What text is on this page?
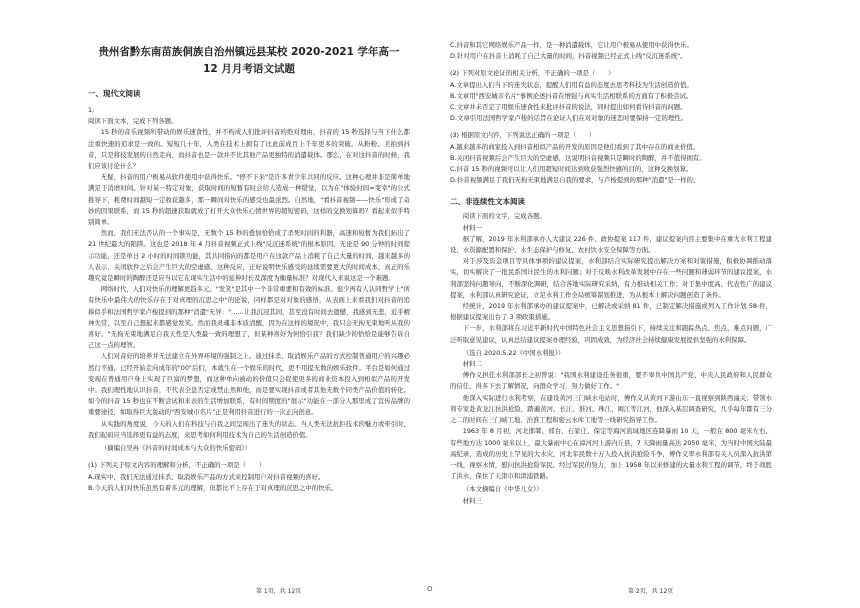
贵州省黔东南苗族侗族自治州镇远县某校 2020-2021 学年高一 12 月月考语文试题
一、现代文阅读

1.

阅读下面文本，完成下列各题。

15 秒的音乐视频所带动的娱乐速食性，并不构成人们批评抖音的绝对理由，抖音的 15 秒选择与当下什么都注重快速的追求是一致的。短短几十年，人类在技术上拥有了比此前成百上千年更多的突破。从粉粉、美拍到抖音，只是将技发展的自然走向，而抖音也是一款并不比其他产品更独特的消遣载体。那么，在对这抖音的时候，我们应该讨论什么？

无疑，抖音的用户极易从软件使用中获得快乐。"停不下来"是许多青少年共同的反应。这种心理并非是简单地满足于消磨时间。针对某一特定对象，获取时间的短暂有时会给人造成一种错觉，以为在"体验时间=变幸"的公式推导下，耗费时间越短一定收获越多，那一瞬间对快乐的感受也最浓烈。自然地，"看抖音视频——快乐"形成了奇妙的因果联系，而 15 秒的超速获取就成了打开大众快乐心情世界的超短密码，这样的交换划算吗？看起来似乎特别简单。

然而，我们无法否认的一个事实是，无数个 15 秒的叠加恰恰成了杀死时间的利器，高速和短暂为我们拓出了 21 世纪最大的陷阱。这也是 2018 年 4 月抖音视频正式上线"反沉迷系统"的根本原因。无论是 90 分钟的时间提示功能，还是单日 2 小时的时间锁功能，其共同指向的都是用户在这款产品上消耗了自己大量的时间，越来越多的人表示，关闭软件之后会产生巨大的空虚感。这种反应，正好说明快乐感受的延续需要更大的时间成本，真正的乐趣究竟是瞬时的陶醉还是应当以它在现实生活中的延伸时长及深度为衡量标准？对现代人来说这是一个难题。

网络时代，人们对快乐的理解更趋多元。"发笑"是其中一个非常重要和有效的标准。很少再有人认同哲学上"所有快乐中最伟大的快乐存在于对真理的沉思之中"的论说，同样都是对对象的感悟，从表面上来看我们对抖音的追捧似乎和法国哲学家卢梭提到的那种"消遣"无异："……让我沉浸其间，甚至没有时间去遗憾，我感到无悲，近乎精神失常，以至自己想起来都感觉发笑。然而我灵魂非本质清醒，因为在这样的境况中，我只会无拘无束地听从我的喜好。"无拘无束地满足自我天性是人类最一致的理想了，但某种喜好为何恰引我？我们缺少的恰恰是能够告诉自己这一点的理智。

人们对音好的培养并无法建立在外界环境的强制之上。通过抹杀、取消娱乐产品的方式控制普通用户的兴趣必然行不通，已经开始走向成年的"00"后们，本就生在一个娱乐的时代，更不用提无数的娱乐软件。平台是如何通过变现在普通用户身上实现了巨富的梦想，而这种单向被动的价值只会促使更多的商业资本投入到相似产品的开发中。我们理性地认识抖音，不代表全盘否定或禁止然和他，而是要实现抖音或者其他无数个同类产品价值的转化。如今的抖音 15 秒也在不断尝试和来表的生活增加联系，有时间期度的"展示"功能在一部分人那里成了宣传品牌的重要途径，如取得巨大轰动的"西安城市名片"正是利用抖音进行的一次正向创意。

从实践的角度说，今天的人们在科技与自我之间呈现出了迷失的状态。当人类无法抗拒技术的魅力或牵引时，我们起码应当选择更有益的态度，来思考如何利用技术为自己的生活创造价值。

（摘编自吴冉《抖音的时间成本与大众的快乐密码》）

(1) 下列关于原文内容的理解和分析，不正确的一项是（　　）

A.现实中，我们无法通过抹杀、取消娱乐产品的方式来控制用户对抖音视频的喜好。

B.今天的人们对快乐虽然有着多元的理解，但都比不上存在于对真理的沉思之中的快乐。

C.抖音和其它网络娱乐产品一样，是一种消遣载体，它让用户极易从使用中获得快乐。

D.针对用户在抖音上消耗了自己大量的时间，抖音视频已经正式上线"反沉迷系统"。

(2) 下列对原文论证的相关分析，不正确的一项是（　　）

A.文章提出人们当下的迷失状态，提醒人们用有益的态度去思考科技为生活创造价值。

B.文章用"西安城市名片"事例论述抖音在增强与真实生活相联系的方面有了积极尝试。

C.文章并未否定了用娱乐速食性来批评抖音的说法，同时提出如何看待抖音的问题。

D.文章引用法国哲学家卢梭的话旨在论证人们在对对象的迷恋时要保持一定的理性。

(3) 根据原文内容，下列说法正确的一项是（　　）

A.越来越多的商家投入到抖音相似产品的开发的原因是他们看到了其中存在的商业价值。

B.关闭抖音视频后会产生巨大的空虚感，这说明抖音视频只是瞬时的陶醉，并不值得拥有。

C.抖音 15 秒的视频可以让人们用超短时间达到收获强烈快感的目的，这种交换划算。

D.抖音视频满足了我们无拘无束地满足自我的要求，与卢梭提到的那种"消遣"是一样的。

二、非连续性文本阅读

阅读下面的文字，完成各题。

材料一

据了解，2019 年水利部承办人大建议 226 件、政协提案 117 件，建议提案内容主要集中在重大水利工程建设、水资源配置和保护、水生态保护与修复、农村饮水安全保障等方面。

对于涉及资金项目等具体事项的建议提案，水利部结合实际研究提出解决方案和对策措施，积极协调推动落实，切实解决了一批民系国计民生的水利问题；对于反映水利改革发展中存在一些问题和薄弱环节的建议提案，水利部坚持问题导向，不断深化调研，结合各地实际研究采纳，有力推动相关工作；对于集中度高、代表性广的建议提案，水利部认真研究论证，立足水利工作全局统筹谋划推进，为从根本上解决问题创造了条件。

经统计，2019 年水利部承办的建议提案中，已解决或采纳 81 件，已制定解决措施或列入工作计划 58 件，根据建议提案出台了 3 项政策措施。

下一步，水利部将在习近平新时代中国特色社会主义思想指引下，持续关注和跟踪热点、焦点、难点问题，广泛听取意见建议，认真总结建议提案办理经验，巩固成效，为经济社会持续健康发展提供坚强的水利保障。

（选自 2020.5.22《中国水利报》）

材料二

傅作义担任水利部部长之初曾说："我国水利建设任务很重，要不辜负中国共产党、中央人民政府和人民群众的信任，得多下去了解情况，向群众学习，努力做好工作。"

他深入实际进行水利考察，在建设黄河三门峡水电站时，傅作义从黄河下游山东一直视察到陕西潼关；带领水利专家赴黄龙江抗洪抢险，踏遍黄河、长江、淮河、珠江、闽江等江河，他深入基层调查研究，几乎每年都有三分之二的时间在三门峡工地、治淮工程和密云水库工地等一线研究指导工作。

1963 年 8 月初，河北邯郸、邢台、石家庄、保定等海河流域地区连降暴雨 10 天，一般在 800 毫米左右，有些地方达 1000 毫米以上，最大暴雨中心在漳河河上游内丘县，7 天降雨量高达 2050 毫米，为当时中国大陆最高纪录，造成的历史上罕见的大水灾，河北军民数十万人投入抗洪抢险斗争，傅作义率水利部有关人员深入抗洪第一线，视察水情，慰问抗洪抢险军民。经过军民的努力，加上 1958 年以来修建的大量水利工程的调节，终于战胜了洪水，保住了天津市和津浦铁路。

（本文摘编自《中华儿女》）

材料三

第 1页，共 12页	O	第 2页，共 12页
